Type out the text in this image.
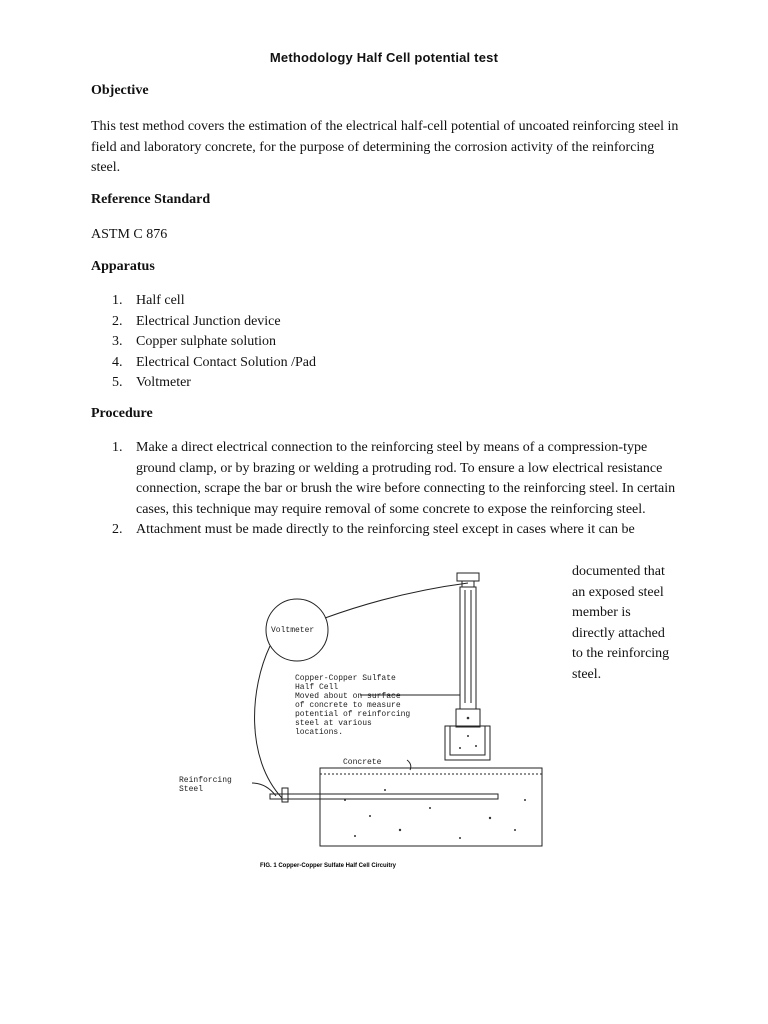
Methodology Half Cell potential test
Objective
This test method covers the estimation of the electrical half-cell potential of uncoated reinforcing steel in field and laboratory concrete, for the purpose of determining the corrosion activity of the reinforcing steel.
Reference Standard
ASTM C 876
Apparatus
1. Half cell
2. Electrical Junction device
3. Copper sulphate solution
4. Electrical Contact Solution /Pad
5. Voltmeter
Procedure
1. Make a direct electrical connection to the reinforcing steel by means of a compression-type ground clamp, or by brazing or welding a protruding rod. To ensure a low electrical resistance connection, scrape the bar or brush the wire before connecting to the reinforcing steel. In certain cases, this technique may require removal of some concrete to expose the reinforcing steel.
2. Attachment must be made directly to the reinforcing steel except in cases where it can be
documented that
an exposed steel
member is
directly attached
to the reinforcing
steel.
Voltmeter
Copper-Copper Sulfate
Half Cell
Moved about on surface
of concrete to measure
potential of reinforcing
steel at various
locations.
Concrete
Reinforcing
Steel
FIG. 1 Copper-Copper Sulfate Half Cell Circuitry
